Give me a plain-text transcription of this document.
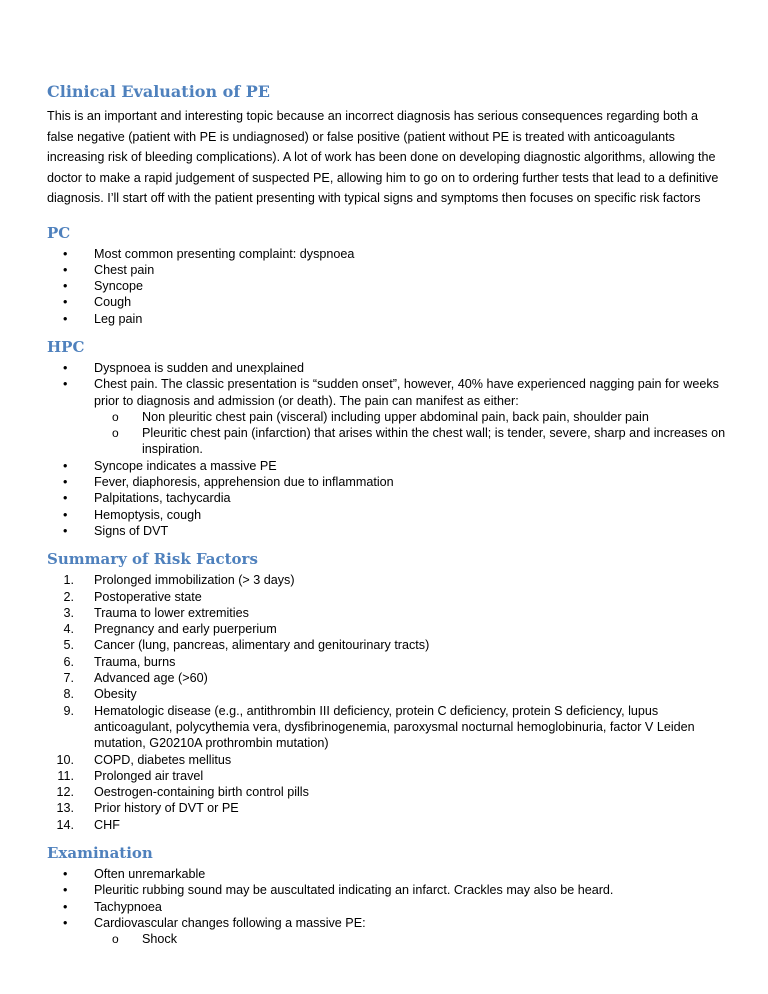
Clinical Evaluation of PE

This is an important and interesting topic because an incorrect diagnosis has serious consequences regarding both a false negative (patient with PE is undiagnosed) or false positive (patient without PE is treated with anticoagulants increasing risk of bleeding complications). A lot of work has been done on developing diagnostic algorithms, allowing the doctor to make a rapid judgement of suspected PE, allowing him to go on to ordering further tests that lead to a definitive diagnosis. I’ll start off with the patient presenting with typical signs and symptoms then focuses on specific risk factors

PC
• Most common presenting complaint: dyspnoea
• Chest pain
• Syncope
• Cough
• Leg pain
HPC
• Dyspnoea is sudden and unexplained
• Chest pain. The classic presentation is “sudden onset”, however, 40% have experienced nagging pain for weeks prior to diagnosis and admission (or death). The pain can manifest as either:
o Non pleuritic chest pain (visceral) including upper abdominal pain, back pain, shoulder pain
o Pleuritic chest pain (infarction) that arises within the chest wall; is tender, severe, sharp and increases on inspiration.
• Syncope indicates a massive PE
• Fever, diaphoresis, apprehension due to inflammation
• Palpitations, tachycardia
• Hemoptysis, cough
• Signs of DVT
Summary of Risk Factors
1. Prolonged immobilization (> 3 days)
2. Postoperative state
3. Trauma to lower extremities
4. Pregnancy and early puerperium
5. Cancer (lung, pancreas, alimentary and genitourinary tracts)
6. Trauma, burns
7. Advanced age (>60)
8. Obesity
9. Hematologic disease (e.g., antithrombin III deficiency, protein C deficiency, protein S deficiency, lupus anticoagulant, polycythemia vera, dysfibrinogenemia, paroxysmal nocturnal hemoglobinuria, factor V Leiden mutation, G20210A prothrombin mutation)
10. COPD, diabetes mellitus
11. Prolonged air travel
12. Oestrogen-containing birth control pills
13. Prior history of DVT or PE
14. CHF
Examination
• Often unremarkable
• Pleuritic rubbing sound may be auscultated indicating an infarct. Crackles may also be heard.
• Tachypnoea
• Cardiovascular changes following a massive PE:
o Shock
